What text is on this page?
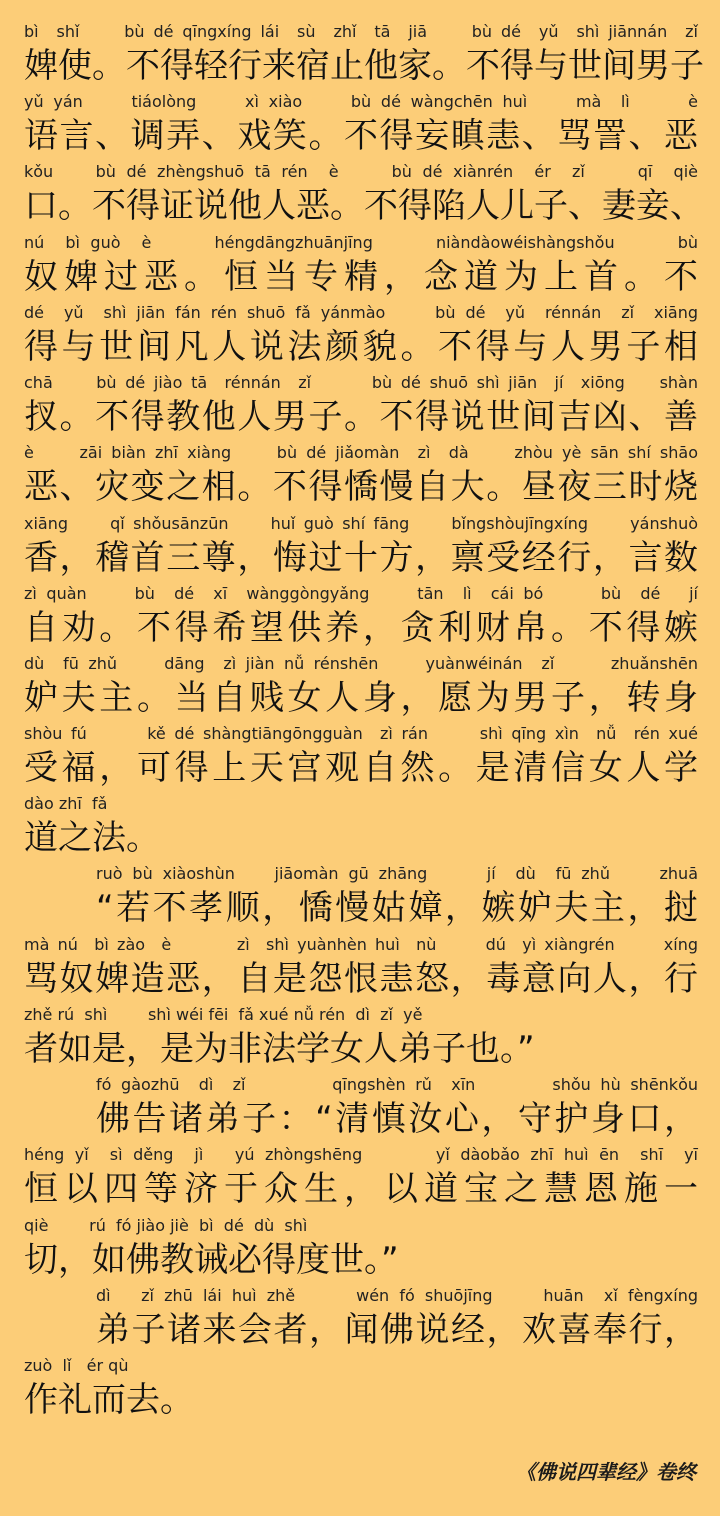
bì  shǐ     bù dé qīngxíng lái  sù  zhǐ  tā  jiā     bù dé  yǔ  shì jiānnán  zǐ
婢使。不得轻行来宿止他家。不得与世间男子
yǔ yán     tiáolòng     xì xiào     bù dé wàngchēn huì     mà  lì      è
语言、调弄、戏笑。不得妄瞋恚、骂詈、恶
kǒu    bù dé zhèngshuō tā rén  è     bù dé xiànrén  ér  zǐ     qī  qiè
口。不得证说他人恶。不得陷人儿子、妻妾、
nú  bì guò  è      héngdāngzhuānjīng      niàndàowéishàngshǒu      bù
奴婢过恶。恒当专精，念道为上首。不
dé  yǔ  shì jiān fán rén shuō fǎ yánmào     bù dé  yǔ  rénnán  zǐ  xiāng
得与世间凡人说法颜貌。不得与人男子相
chā     bù dé jiào tā  rénnán  zǐ       bù dé shuō shì jiān  jí  xiōng    shàn
扠。不得教他人男子。不得说世间吉凶、善
è     zāi biàn zhī xiàng     bù dé jiǎomàn  zì  dà     zhòu yè sān shí shāo
恶、灾变之相。不得憍慢自大。昼夜三时烧
xiāng     qǐ shǒusānzūn     huǐ guò shí fāng     bǐngshòujīngxíng     yánshuò
香，稽首三尊，悔过十方，禀受经行，言数
zì quàn     bù  dé  xī  wànggòngyǎng     tān  lì  cái bó      bù  dé   jí
自劝。不得希望供养，贪利财帛。不得嫉
dù  fū zhǔ     dāng  zì jiàn nǚ rénshēn     yuànwéinán  zǐ      zhuǎnshēn
妒夫主。当自贱女人身，愿为男子，转身
shòu fú       kě dé shàngtiāngōngguàn  zì rán      shì qīng xìn  nǚ  rén xué
受福，可得上天宫观自然。是清信女人学
dào zhī  fǎ
道之法。
ruò bù xiàoshùn    jiāomàn gū zhāng      jí  dù  fū zhǔ     zhuā
“若不孝顺，憍慢姑嫜，嫉妒夫主，挝
mà nú  bì zào  è        zì  shì yuànhèn huì  nù      dú  yì xiàngrén      xíng
骂奴婢造恶，自是怨恨恚怒，毒意向人，行
zhě rú  shì        shì wéi fēi  fǎ xué nǚ rén  dì  zǐ  yě
者如是，是为非法学女人弟子也。”
fó gàozhū  dì  zǐ         qīngshèn rǔ  xīn        shǒu hù shēnkǒu
佛告诸弟子：“清慎汝心，守护身口，
héng yǐ  sì děng  jì   yú zhòngshēng       yǐ dàobǎo zhī huì ēn  shī  yī
恒以四等济于众生，以道宝之慧恩施一
qiè        rú  fó jiào jiè  bì  dé  dù  shì
切，如佛教诫必得度世。”
dì   zǐ zhū lái huì zhě      wén fó shuōjīng     huān  xǐ fèngxíng
弟子诸来会者，闻佛说经，欢喜奉行，
zuò  lǐ   ér qù
作礼而去。
《佛说四辈经》卷终
